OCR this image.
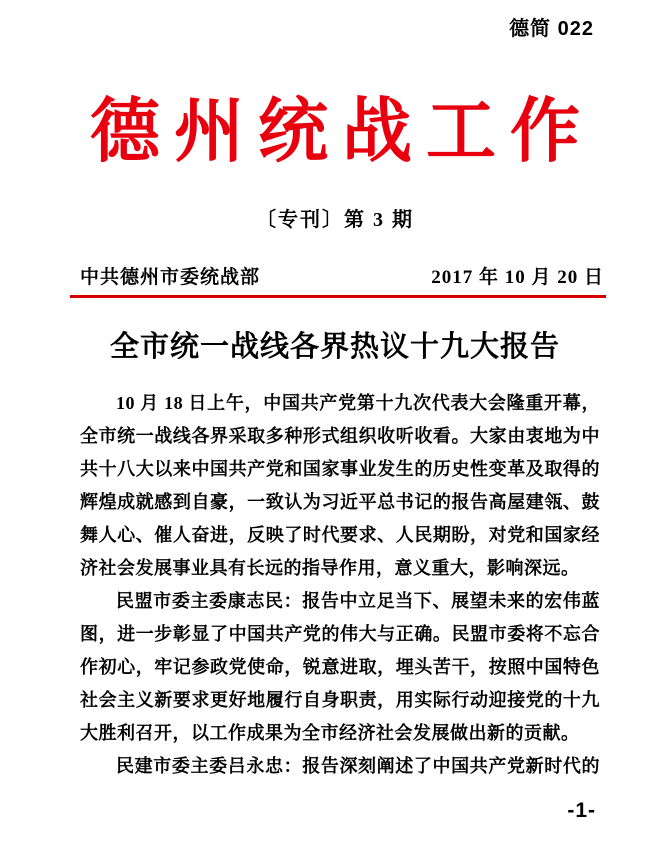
德简 022
德州统战工作
〔专刊〕第 3 期
中共德州市委统战部	2017 年 10 月 20 日
全市统一战线各界热议十九大报告
10 月 18 日上午，中国共产党第十九次代表大会隆重开幕，
全市统一战线各界采取多种形式组织收听收看。大家由衷地为中
共十八大以来中国共产党和国家事业发生的历史性变革及取得的
辉煌成就感到自豪，一致认为习近平总书记的报告高屋建瓴、鼓
舞人心、催人奋进，反映了时代要求、人民期盼，对党和国家经
济社会发展事业具有长远的指导作用，意义重大，影响深远。
民盟市委主委康志民：报告中立足当下、展望未来的宏伟蓝
图，进一步彰显了中国共产党的伟大与正确。民盟市委将不忘合
作初心，牢记参政党使命，锐意进取，埋头苦干，按照中国特色
社会主义新要求更好地履行自身职责，用实际行动迎接党的十九
大胜利召开，以工作成果为全市经济社会发展做出新的贡献。
民建市委主委吕永忠：报告深刻阐述了中国共产党新时代的
-1-
